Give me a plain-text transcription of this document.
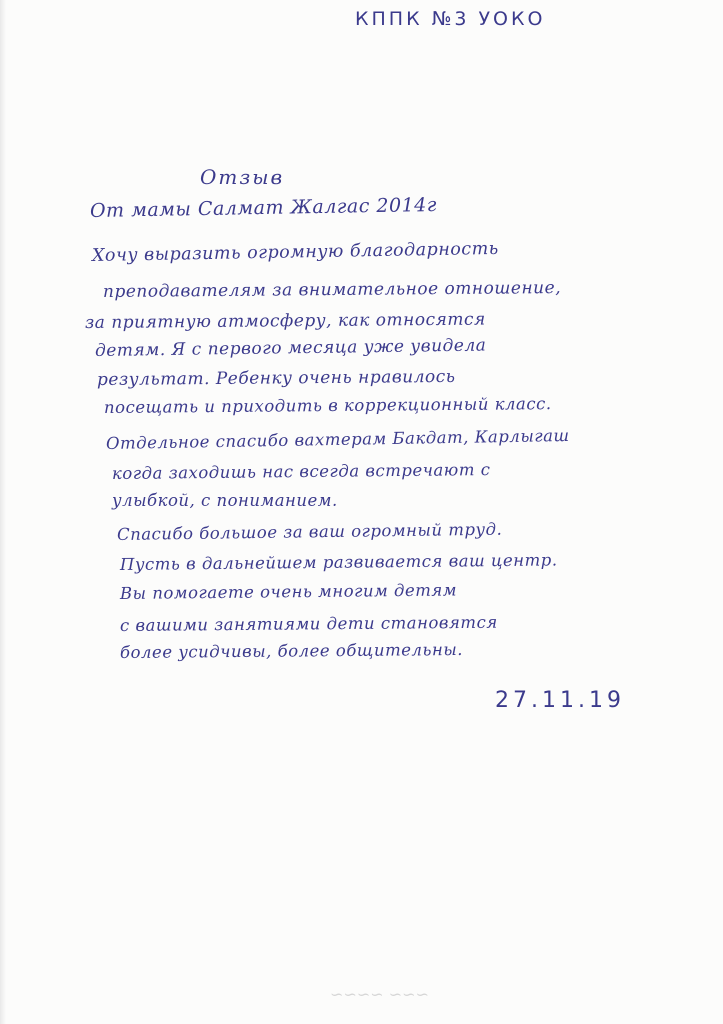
КППК №3 УОКО
Отзыв
От мамы Салмат Жалгас 2014г
Хочу выразить огромную благодарность
преподавателям за внимательное отношение,
за приятную атмосферу, как относятся
детям. Я с первого месяца уже увидела
результат. Ребенку очень нравилось
посещать и приходить в коррекционный класс.
Отдельное спасибо вахтерам Бакдат, Карлыгаш
когда заходишь нас всегда встречают с
улыбкой, с пониманием.
Спасибо большое за ваш огромный труд.
Пусть в дальнейшем развивается ваш центр.
Вы помогаете очень многим детям
с вашими занятиями дети становятся
более усидчивы, более общительны.
27.11.19
~~~ ~~~~
